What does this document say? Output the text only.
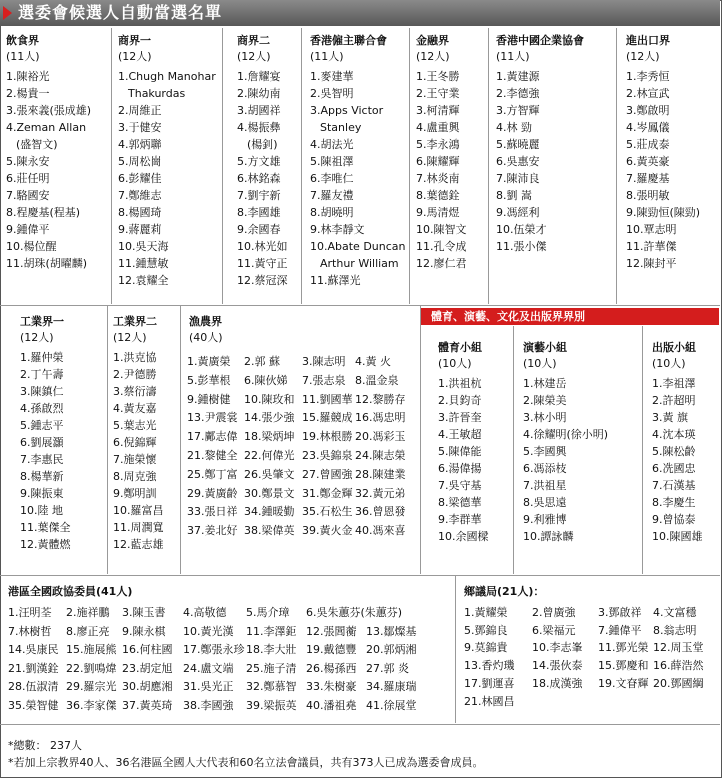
選委會候選人自動當選名單
飲食界
(11人)
1.陳裕光
2.楊貴一
3.張來義(張成雄)
4.Zeman Allan
(盛智文)
5.陳永安
6.莊任明
7.駱國安
8.程慶基(程基)
9.鍾偉平
10.楊位醒
11.胡珠(胡曜麟)
商界一
(12人)
1.Chugh Manohar
Thakurdas
2.周維正
3.于健安
4.郭炳聯
5.周松崗
6.彭耀佳
7.鄭維志
8.楊國琦
9.蔣麗莉
10.吳天海
11.鍾慧敏
12.袁耀全
商界二
(12人)
1.詹耀宴
2.陳幼南
3.胡國祥
4.楊振彝
(楊釗)
5.方文雄
6.林銘森
7.劉宇新
8.李國雄
9.余國春
10.林光如
11.黃守正
12.蔡冠深
香港僱主聯合會
(11人)
1.麥建華
2.吳智明
3.Apps Victor
Stanley
4.胡法光
5.陳祖澤
6.李唯仁
7.羅友禮
8.胡曉明
9.林李靜文
10.Abate Duncan
Arthur William
11.蘇澤光
金融界
(12人)
1.王冬勝
2.王守業
3.柯清輝
4.盧重興
5.李永鴻
6.陳耀輝
7.林炎南
8.葉德銓
9.馬清煜
10.陳智文
11.孔令成
12.廖仁君
香港中國企業協會
(11人)
1.黃建源
2.李德強
3.方智輝
4.林 勁
5.蘇曉麗
6.吳惠安
7.陳沛良
8.劉 嵩
9.馮經利
10.伍榮才
11.張小傑
進出口界
(12人)
1.李秀恒
2.林宣武
3.鄭啟明
4.岑鳳儀
5.莊成泰
6.黃英豪
7.羅慶基
8.張明敏
9.陳勁恒(陳勁)
10.覃志明
11.許華傑
12.陳封平
工業界一
(12人)
1.羅仲榮
2.丁午壽
3.陳鎮仁
4.孫啟烈
5.鍾志平
6.劉展灝
7.李惠民
8.楊華新
9.陳振東
10.陸 地
11.葉傑全
12.黃體燃
工業界二
(12人)
1.洪克協
2.尹德勝
3.蔡衍濤
4.黃友嘉
5.葉志光
6.倪錦輝
7.施榮懷
8.周克強
9.鄭明訓
10.羅富昌
11.周潤寬
12.藍志雄
漁農界
(40人)
1.黃廣榮 2.郭 蘇 3.陳志明 4.黃 火
5.彭華根 6.陳伙娣 7.張志泉 8.溫金泉
9.鍾樹健 10.陳玫和 11.劉國華 12.黎勝存
13.尹震裳 14.張少強 15.羅競成 16.馮忠明
17.鄺志偉 18.梁炳坤 19.林根勝 20.馮彩玉
21.黎健全 22.何偉光 23.吳錦泉 24.陳志榮
25.鄭丁富 26.吳肇文 27.曾國強 28.陳建業
29.黃廣齡 30.鄭景文 31.鄭金輝 32.黃元弟
33.張日祥 34.鍾暖勤 35.石松生 36.曾恩發
37.姜北好 38.梁偉英 39.黃火金 40.馮來喜
體育、演藝、文化及出版界界別
體育小組
(10人)
1.洪祖杭
2.貝鈞奇
3.許晉奎
4.王敏超
5.陳偉能
6.湯偉揚
7.吳守基
8.梁德華
9.李群華
10.余國樑
演藝小組
(10人)
1.林建岳
2.陳榮美
3.林小明
4.徐耀明(徐小明)
5.李國興
6.馮添枝
7.洪祖星
8.吳思遠
9.利雅博
10.譚詠麟
出版小組
(10人)
1.李祖澤
2.許超明
3.黃 旗
4.沈本瑛
5.陳松齡
6.冼國忠
7.石漢基
8.李慶生
9.曾協泰
10.陳國雄
港區全國政協委員(41人)
1.汪明荃 2.施祥鵬 3.陳玉書 4.高敬德 5.馬介璋 6.吳朱蕙芬(朱蕙芬)
7.林樹哲 8.廖正亮 9.陳永棋 10.黃光漢 11.李澤鉅 12.張閭蘅 13.鄒燦基
14.吳康民 15.施展熊 16.何柱國 17.鄭張永珍 18.李大壯 19.戴德豐 20.郭炳湘
21.劉漢銓 22.劉鳴煒 23.胡定旭 24.盧文端 25.施子清 26.楊孫西 27.郭 炎
28.伍淑清 29.羅宗光 30.胡應湘 31.吳光正 32.鄭慕智 33.朱樹豪 34.羅康瑞
35.榮智健 36.李家傑 37.黃英琦 38.李國強 39.梁振英 40.潘祖堯 41.徐展堂
鄉議局(21人)：
1.黃耀榮 2.曾廣強 3.鄧啟祥 4.文富穩
5.鄧錦良 6.梁福元 7.鍾偉平 8.翁志明
9.莫錦貴 10.李志峯 11.鄧光榮 12.周玉堂
13.香灼璣 14.張伙泰 15.鄧慶和 16.薛浩然
17.劉運喜 18.成漢強 19.文眘輝 20.鄧國綱
21.林國昌
*總數： 237人
*若加上宗教界40人、36名港區全國人大代表和60名立法會議員，共有373人已成為選委會成員。
